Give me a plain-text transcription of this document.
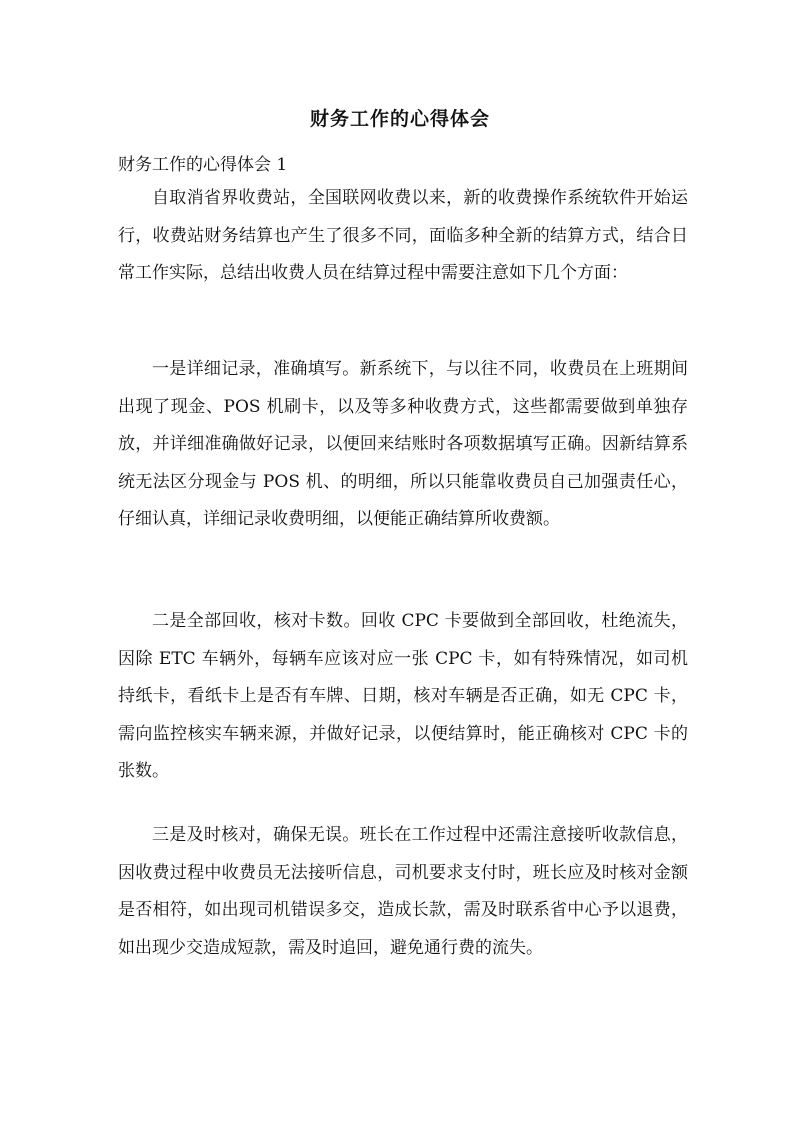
财务工作的心得体会

财务工作的心得体会 1

自取消省界收费站，全国联网收费以来，新的收费操作系统软件开始运行，收费站财务结算也产生了很多不同，面临多种全新的结算方式，结合日常工作实际，总结出收费人员在结算过程中需要注意如下几个方面：

一是详细记录，准确填写。新系统下，与以往不同，收费员在上班期间出现了现金、POS 机刷卡，以及等多种收费方式，这些都需要做到单独存放，并详细准确做好记录，以便回来结账时各项数据填写正确。因新结算系统无法区分现金与 POS 机、的明细，所以只能靠收费员自己加强责任心，仔细认真，详细记录收费明细，以便能正确结算所收费额。

二是全部回收，核对卡数。回收 CPC 卡要做到全部回收，杜绝流失，因除 ETC 车辆外，每辆车应该对应一张 CPC 卡，如有特殊情况，如司机持纸卡，看纸卡上是否有车牌、日期，核对车辆是否正确，如无 CPC 卡，需向监控核实车辆来源，并做好记录，以便结算时，能正确核对 CPC 卡的张数。

三是及时核对，确保无误。班长在工作过程中还需注意接听收款信息，因收费过程中收费员无法接听信息，司机要求支付时，班长应及时核对金额是否相符，如出现司机错误多交，造成长款，需及时联系省中心予以退费，如出现少交造成短款，需及时追回，避免通行费的流失。
